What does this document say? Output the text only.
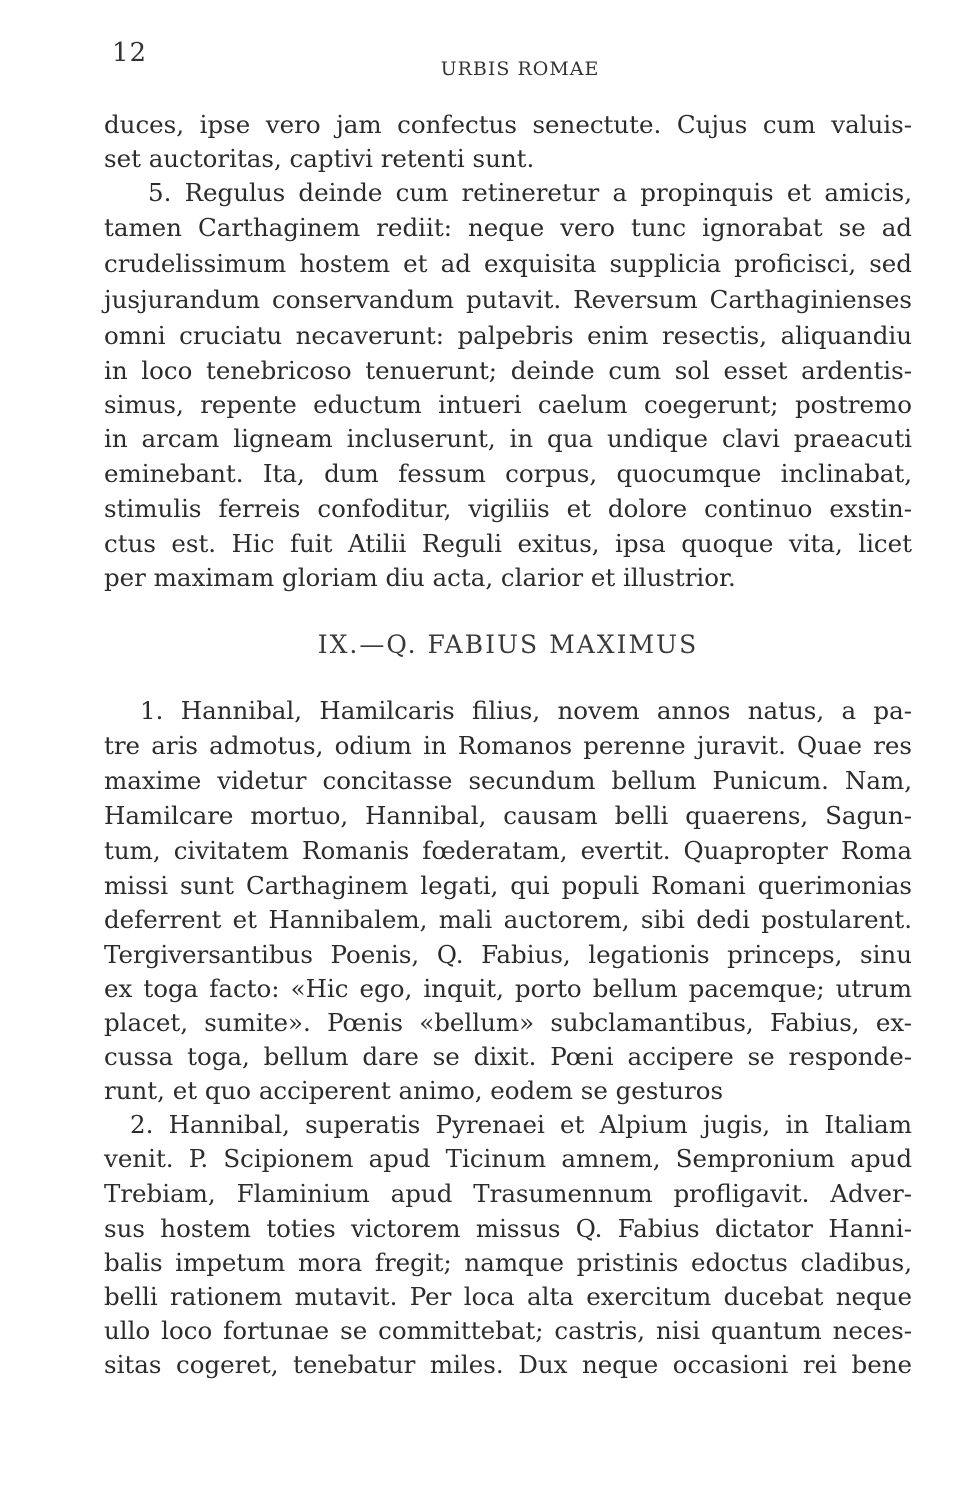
12
URBIS ROMAE
duces, ipse vero jam confectus senectute. Cujus cum valuis-
set auctoritas, captivi retenti sunt.
5. Regulus deinde cum retineretur a propinquis et amicis,
tamen Carthaginem rediit: neque vero tunc ignorabat se ad
crudelissimum hostem et ad exquisita supplicia proficisci, sed
jusjurandum conservandum putavit. Reversum Carthaginienses
omni cruciatu necaverunt: palpebris enim resectis, aliquandiu
in loco tenebricoso tenuerunt; deinde cum sol esset ardentis-
simus, repente eductum intueri caelum coegerunt; postremo
in arcam ligneam incluserunt, in qua undique clavi praeacuti
eminebant. Ita, dum fessum corpus, quocumque inclinabat,
stimulis ferreis confoditur, vigiliis et dolore continuo exstin-
ctus est. Hic fuit Atilii Reguli exitus, ipsa quoque vita, licet
per maximam gloriam diu acta, clarior et illustrior.
IX.—Q. FABIUS MAXIMUS
1. Hannibal, Hamilcaris filius, novem annos natus, a pa-
tre aris admotus, odium in Romanos perenne juravit. Quae res
maxime videtur concitasse secundum bellum Punicum. Nam,
Hamilcare mortuo, Hannibal, causam belli quaerens, Sagun-
tum, civitatem Romanis fœderatam, evertit. Quapropter Roma
missi sunt Carthaginem legati, qui populi Romani querimonias
deferrent et Hannibalem, mali auctorem, sibi dedi postularent.
Tergiversantibus Poenis, Q. Fabius, legationis princeps, sinu
ex toga facto: «Hic ego, inquit, porto bellum pacemque; utrum
placet, sumite». Pœnis «bellum» subclamantibus, Fabius, ex-
cussa toga, bellum dare se dixit. Pœni accipere se responde-
runt, et quo acciperent animo, eodem se gesturos
2. Hannibal, superatis Pyrenaei et Alpium jugis, in Italiam
venit. P. Scipionem apud Ticinum amnem, Sempronium apud
Trebiam, Flaminium apud Trasumennum profligavit. Adver-
sus hostem toties victorem missus Q. Fabius dictator Hanni-
balis impetum mora fregit; namque pristinis edoctus cladibus,
belli rationem mutavit. Per loca alta exercitum ducebat neque
ullo loco fortunae se committebat; castris, nisi quantum neces-
sitas cogeret, tenebatur miles. Dux neque occasioni rei bene
